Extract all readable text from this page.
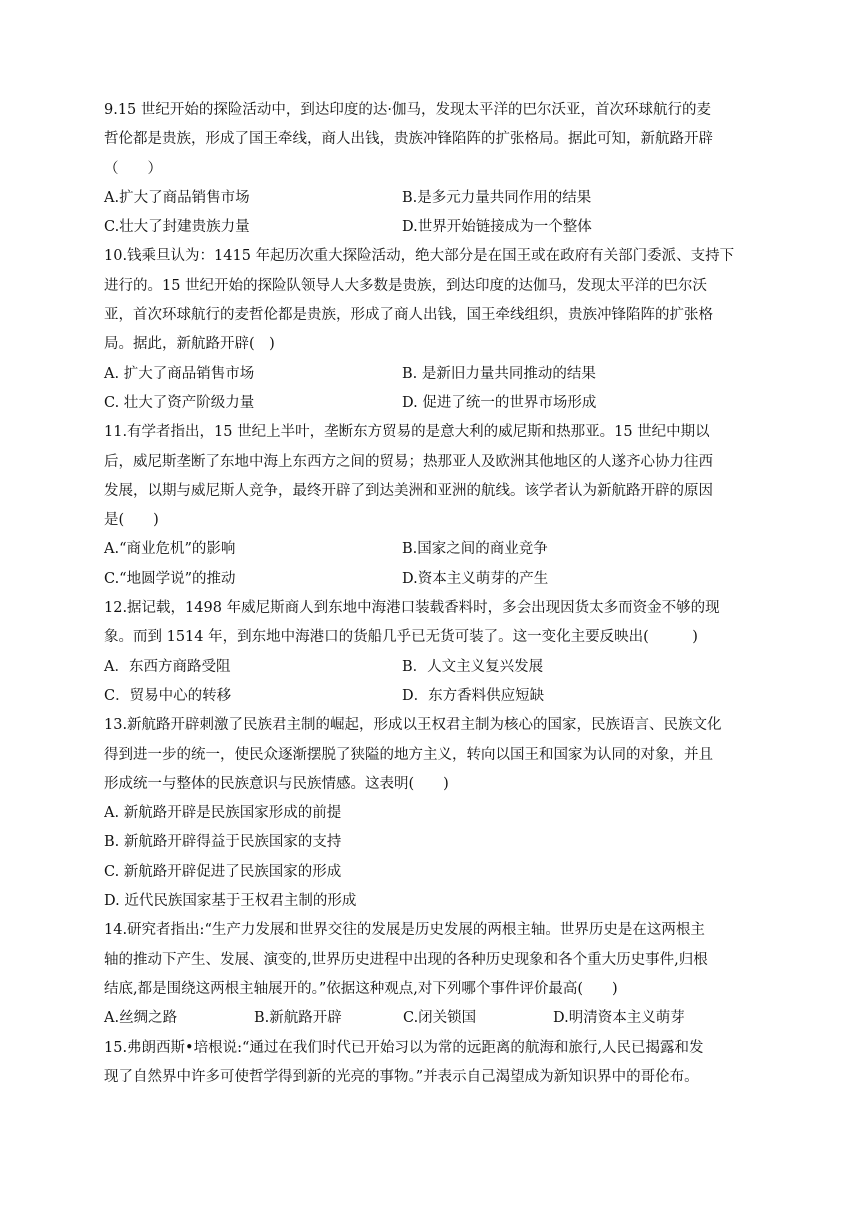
9.15 世纪开始的探险活动中，到达印度的达·伽马，发现太平洋的巴尔沃亚，首次环球航行的麦
哲伦都是贵族，形成了国王牵线，商人出钱，贵族冲锋陷阵的扩张格局。据此可知，新航路开辟
（　　）
A.扩大了商品销售市场	B.是多元力量共同作用的结果
C.壮大了封建贵族力量	D.世界开始链接成为一个整体
10.钱乘旦认为：1415 年起历次重大探险活动，绝大部分是在国王或在政府有关部门委派、支持下
进行的。15 世纪开始的探险队领导人大多数是贵族，到达印度的达伽马，发现太平洋的巴尔沃
亚，首次环球航行的麦哲伦都是贵族，形成了商人出钱，国王牵线组织，贵族冲锋陷阵的扩张格
局。据此，新航路开辟(　)
A. 扩大了商品销售市场	B. 是新旧力量共同推动的结果
C. 壮大了资产阶级力量	D. 促进了统一的世界市场形成
11.有学者指出，15 世纪上半叶，垄断东方贸易的是意大利的威尼斯和热那亚。15 世纪中期以
后，威尼斯垄断了东地中海上东西方之间的贸易；热那亚人及欧洲其他地区的人遂齐心协力往西
发展，以期与威尼斯人竞争，最终开辟了到达美洲和亚洲的航线。该学者认为新航路开辟的原因
是(　　)
A.“商业危机”的影响	B.国家之间的商业竞争
C.“地圆学说”的推动	D.资本主义萌芽的产生
12.据记载，1498 年威尼斯商人到东地中海港口装载香料时，多会出现因货太多而资金不够的现
象。而到 1514 年，到东地中海港口的货船几乎已无货可装了。这一变化主要反映出(　　　)
A．东西方商路受阻	B．人文主义复兴发展
C．贸易中心的转移	D．东方香料供应短缺
13.新航路开辟刺激了民族君主制的崛起，形成以王权君主制为核心的国家，民族语言、民族文化
得到进一步的统一，使民众逐渐摆脱了狭隘的地方主义，转向以国王和国家为认同的对象，并且
形成统一与整体的民族意识与民族情感。这表明(　　)
A. 新航路开辟是民族国家形成的前提
B. 新航路开辟得益于民族国家的支持
C. 新航路开辟促进了民族国家的形成
D. 近代民族国家基于王权君主制的形成
14.研究者指出:“生产力发展和世界交往的发展是历史发展的两根主轴。世界历史是在这两根主
轴的推动下产生、发展、演变的,世界历史进程中出现的各种历史现象和各个重大历史事件,归根
结底,都是围绕这两根主轴展开的。”依据这种观点,对下列哪个事件评价最高(　　)
A.丝绸之路	B.新航路开辟	C.闭关锁国	D.明清资本主义萌芽
15.弗朗西斯•培根说:“通过在我们时代已开始习以为常的远距离的航海和旅行,人民已揭露和发
现了自然界中许多可使哲学得到新的光亮的事物。”并表示自己渴望成为新知识界中的哥伦布。
